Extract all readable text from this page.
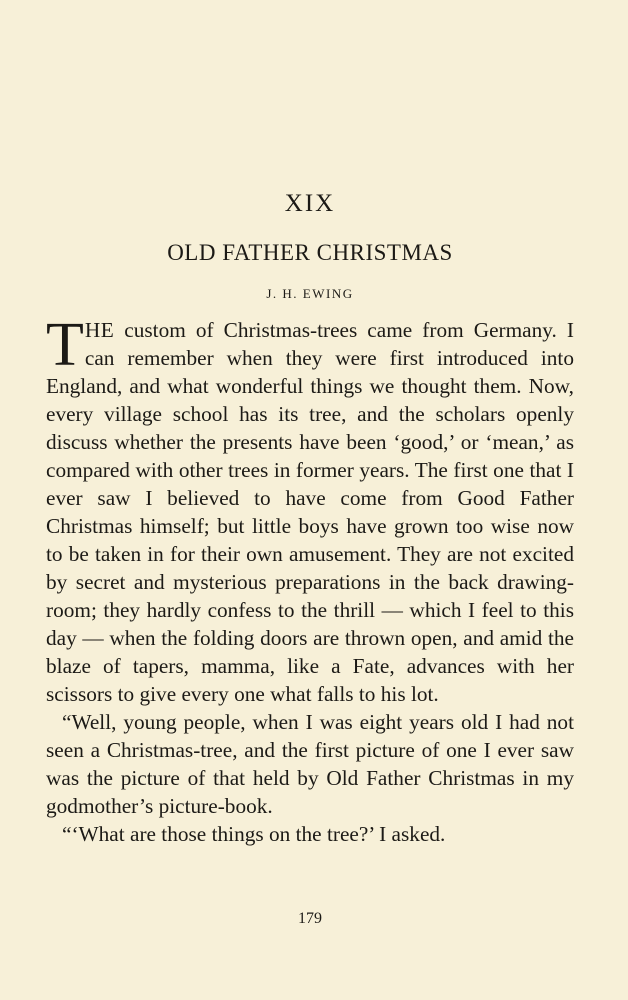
XIX
OLD FATHER CHRISTMAS
J. H. EWING

THE custom of Christmas-trees came from Germany. I can remember when they were first introduced into England, and what wonderful things we thought them. Now, every village school has its tree, and the scholars openly discuss whether the presents have been ‘good,’ or ‘mean,’ as compared with other trees in former years. The first one that I ever saw I believed to have come from Good Father Christmas himself; but little boys have grown too wise now to be taken in for their own amusement. They are not excited by secret and mysterious preparations in the back drawing-room; they hardly confess to the thrill — which I feel to this day — when the folding doors are thrown open, and amid the blaze of tapers, mamma, like a Fate, advances with her scissors to give every one what falls to his lot.

“Well, young people, when I was eight years old I had not seen a Christmas-tree, and the first picture of one I ever saw was the picture of that held by Old Father Christmas in my godmother’s picture-book.

“‘What are those things on the tree?’ I asked.

179
